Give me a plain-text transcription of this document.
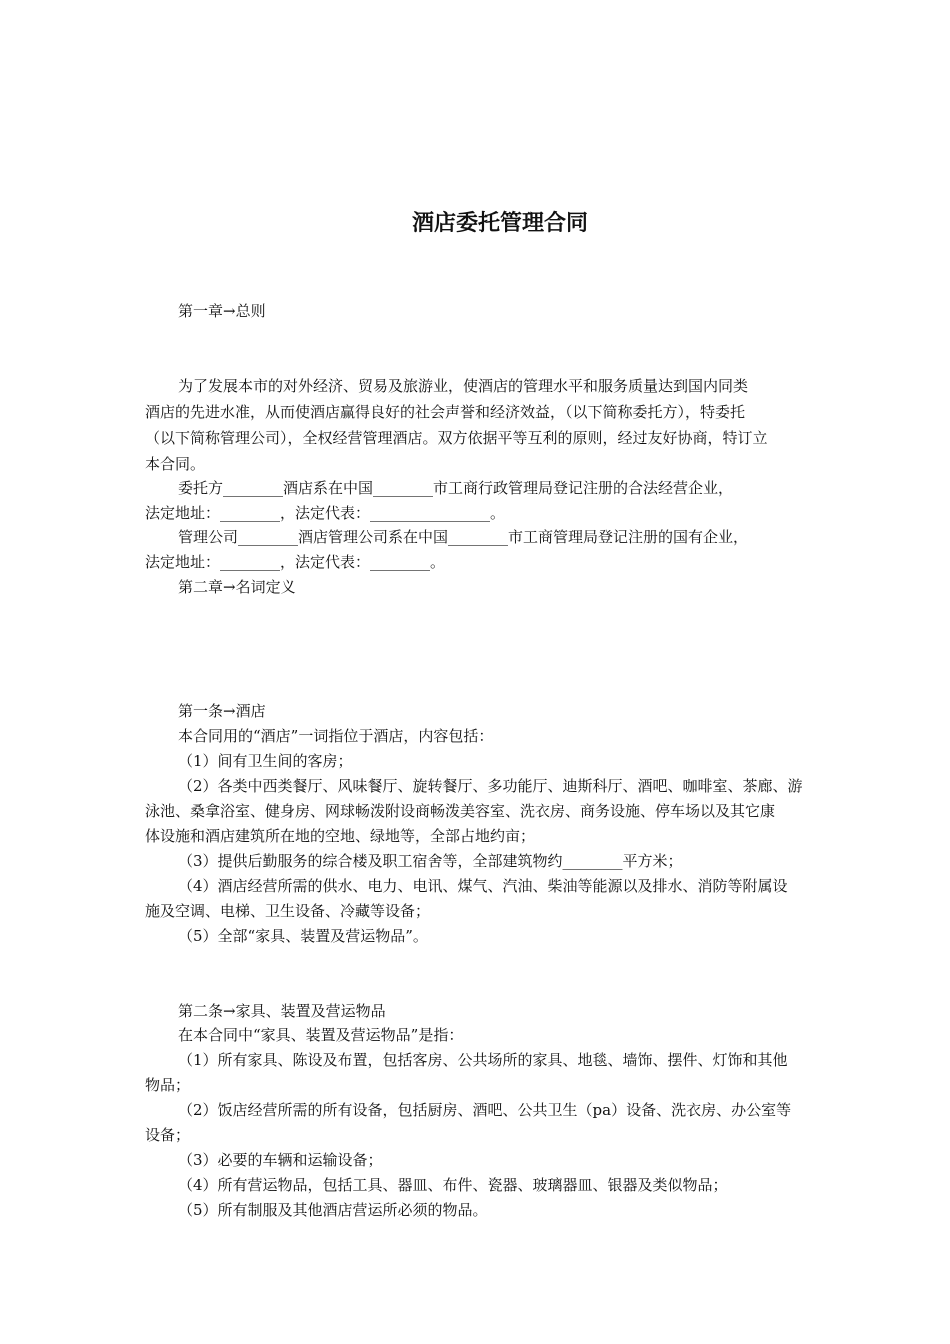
酒店委托管理合同
第一章→总则
为了发展本市的对外经济、贸易及旅游业，使酒店的管理水平和服务质量达到国内同类
酒店的先进水准，从而使酒店赢得良好的社会声誉和经济效益，（以下简称委托方），特委托
（以下简称管理公司），全权经营管理酒店。双方依据平等互利的原则，经过友好协商，特订立
本合同。
委托方________酒店系在中国________市工商行政管理局登记注册的合法经营企业，
法定地址：________，法定代表：________________。
管理公司________酒店管理公司系在中国________市工商管理局登记注册的国有企业，
法定地址：________，法定代表：________。
第二章→名词定义
第一条→酒店
本合同用的“酒店”一词指位于酒店，内容包括：
（1）间有卫生间的客房；
（2）各类中西类餐厅、风味餐厅、旋转餐厅、多功能厅、迪斯科厅、酒吧、咖啡室、茶廊、游
泳池、桑拿浴室、健身房、网球畅泼附设商畅泼美容室、洗衣房、商务设施、停车场以及其它康
体设施和酒店建筑所在地的空地、绿地等，全部占地约亩；
（3）提供后勤服务的综合楼及职工宿舍等，全部建筑物约________平方米；
（4）酒店经营所需的供水、电力、电讯、煤气、汽油、柴油等能源以及排水、消防等附属设
施及空调、电梯、卫生设备、冷藏等设备；
（5）全部“家具、装置及营运物品”。
第二条→家具、装置及营运物品
在本合同中“家具、装置及营运物品”是指：
（1）所有家具、陈设及布置，包括客房、公共场所的家具、地毯、墙饰、摆件、灯饰和其他
物品；
（2）饭店经营所需的所有设备，包括厨房、酒吧、公共卫生（pa）设备、洗衣房、办公室等
设备；
（3）必要的车辆和运输设备；
（4）所有营运物品，包括工具、器皿、布件、瓷器、玻璃器皿、银器及类似物品；
（5）所有制服及其他酒店营运所必须的物品。
